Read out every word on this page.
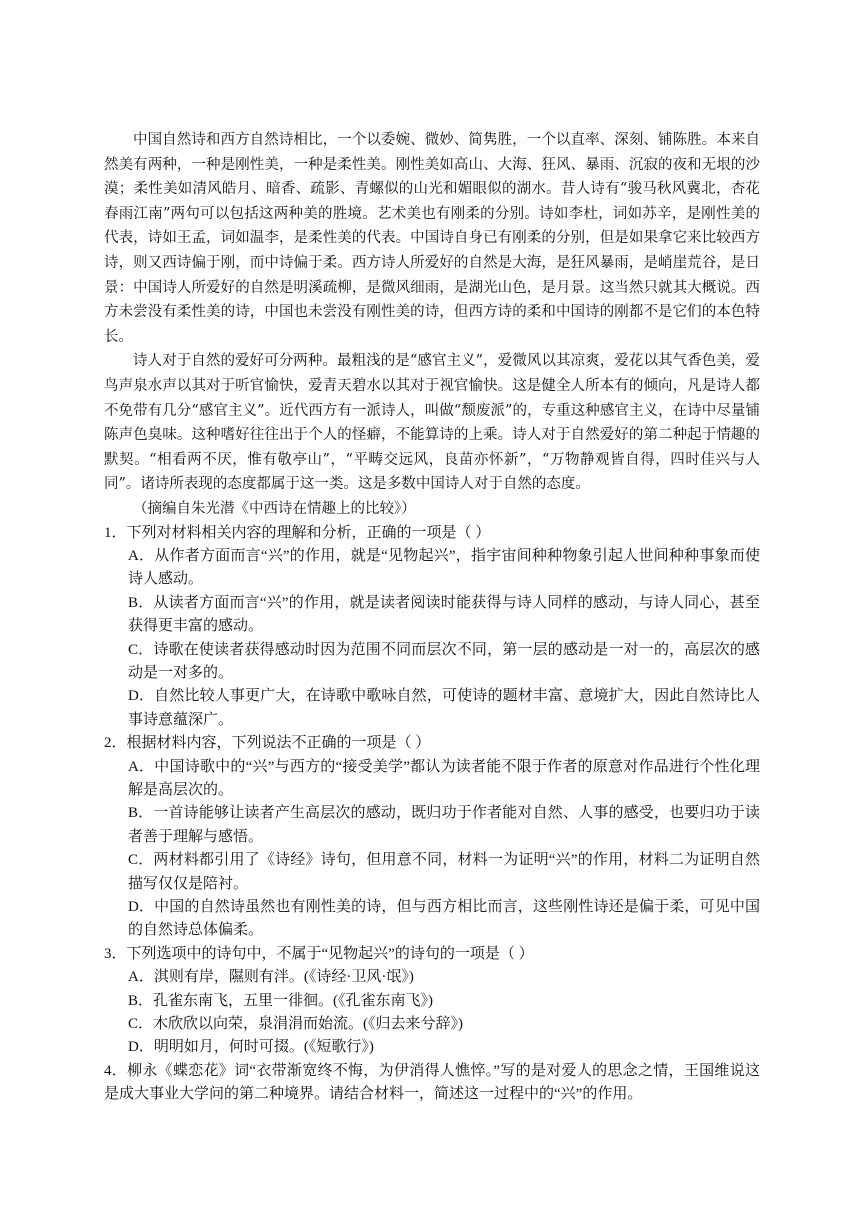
中国自然诗和西方自然诗相比，一个以委婉、微妙、简隽胜，一个以直率、深刻、铺陈胜。本来自然美有两种，一种是刚性美，一种是柔性美。刚性美如高山、大海、狂风、暴雨、沉寂的夜和无垠的沙漠；柔性美如清风皓月、暗香、疏影、青螺似的山光和媚眼似的湖水。昔人诗有“骏马秋风冀北，杏花春雨江南”两句可以包括这两种美的胜境。艺术美也有刚柔的分别。诗如李杜，词如苏辛，是刚性美的代表，诗如王孟，词如温李，是柔性美的代表。中国诗自身已有刚柔的分别，但是如果拿它来比较西方诗，则又西诗偏于刚，而中诗偏于柔。西方诗人所爱好的自然是大海，是狂风暴雨，是峭崖荒谷，是日景：中国诗人所爱好的自然是明溪疏柳，是微风细雨，是湖光山色，是月景。这当然只就其大概说。西方未尝没有柔性美的诗，中国也未尝没有刚性美的诗，但西方诗的柔和中国诗的刚都不是它们的本色特长。

诗人对于自然的爱好可分两种。最粗浅的是“感官主义”，爱微风以其凉爽，爱花以其气香色美，爱鸟声泉水声以其对于听官愉快，爱青天碧水以其对于视官愉快。这是健全人所本有的倾向，凡是诗人都不免带有几分“感官主义”。近代西方有一派诗人，叫做“颓废派”的，专重这种感官主义，在诗中尽量铺陈声色臭味。这种嗜好往往出于个人的怪癖，不能算诗的上乘。诗人对于自然爱好的第二种起于情趣的默契。“相看两不厌，惟有敬亭山”，“平畴交远风，良苗亦怀新”，“万物静观皆自得，四时佳兴与人同”。诸诗所表现的态度都属于这一类。这是多数中国诗人对于自然的态度。

（摘编自朱光潜《中西诗在情趣上的比较》）

1．下列对材料相关内容的理解和分析，正确的一项是（ ）

A．从作者方面而言“兴”的作用，就是“见物起兴”，指宇宙间种种物象引起人世间种种事象而使诗人感动。
B．从读者方面而言“兴”的作用，就是读者阅读时能获得与诗人同样的感动，与诗人同心，甚至获得更丰富的感动。
C．诗歌在使读者获得感动时因为范围不同而层次不同，第一层的感动是一对一的，高层次的感动是一对多的。
D．自然比较人事更广大，在诗歌中歌咏自然，可使诗的题材丰富、意境扩大，因此自然诗比人事诗意蕴深广。

2．根据材料内容，下列说法不正确的一项是（ ）

A．中国诗歌中的“兴”与西方的“接受美学”都认为读者能不限于作者的原意对作品进行个性化理解是高层次的。
B．一首诗能够让读者产生高层次的感动，既归功于作者能对自然、人事的感受，也要归功于读者善于理解与感悟。
C．两材料都引用了《诗经》诗句，但用意不同，材料一为证明“兴”的作用，材料二为证明自然描写仅仅是陪衬。
D．中国的自然诗虽然也有刚性美的诗，但与西方相比而言，这些刚性诗还是偏于柔，可见中国的自然诗总体偏柔。

3．下列选项中的诗句中，不属于“见物起兴”的诗句的一项是（ ）

A．淇则有岸，隰则有泮。(《诗经·卫风·氓》)
B．孔雀东南飞，五里一徘徊。(《孔雀东南飞》)
C．木欣欣以向荣，泉涓涓而始流。(《归去来兮辞》)
D．明明如月，何时可掇。(《短歌行》)

4．柳永《蝶恋花》词“衣带渐宽终不悔，为伊消得人憔悴。”写的是对爱人的思念之情，王国维说这是成大事业大学问的第二种境界。请结合材料一，简述这一过程中的“兴”的作用。
